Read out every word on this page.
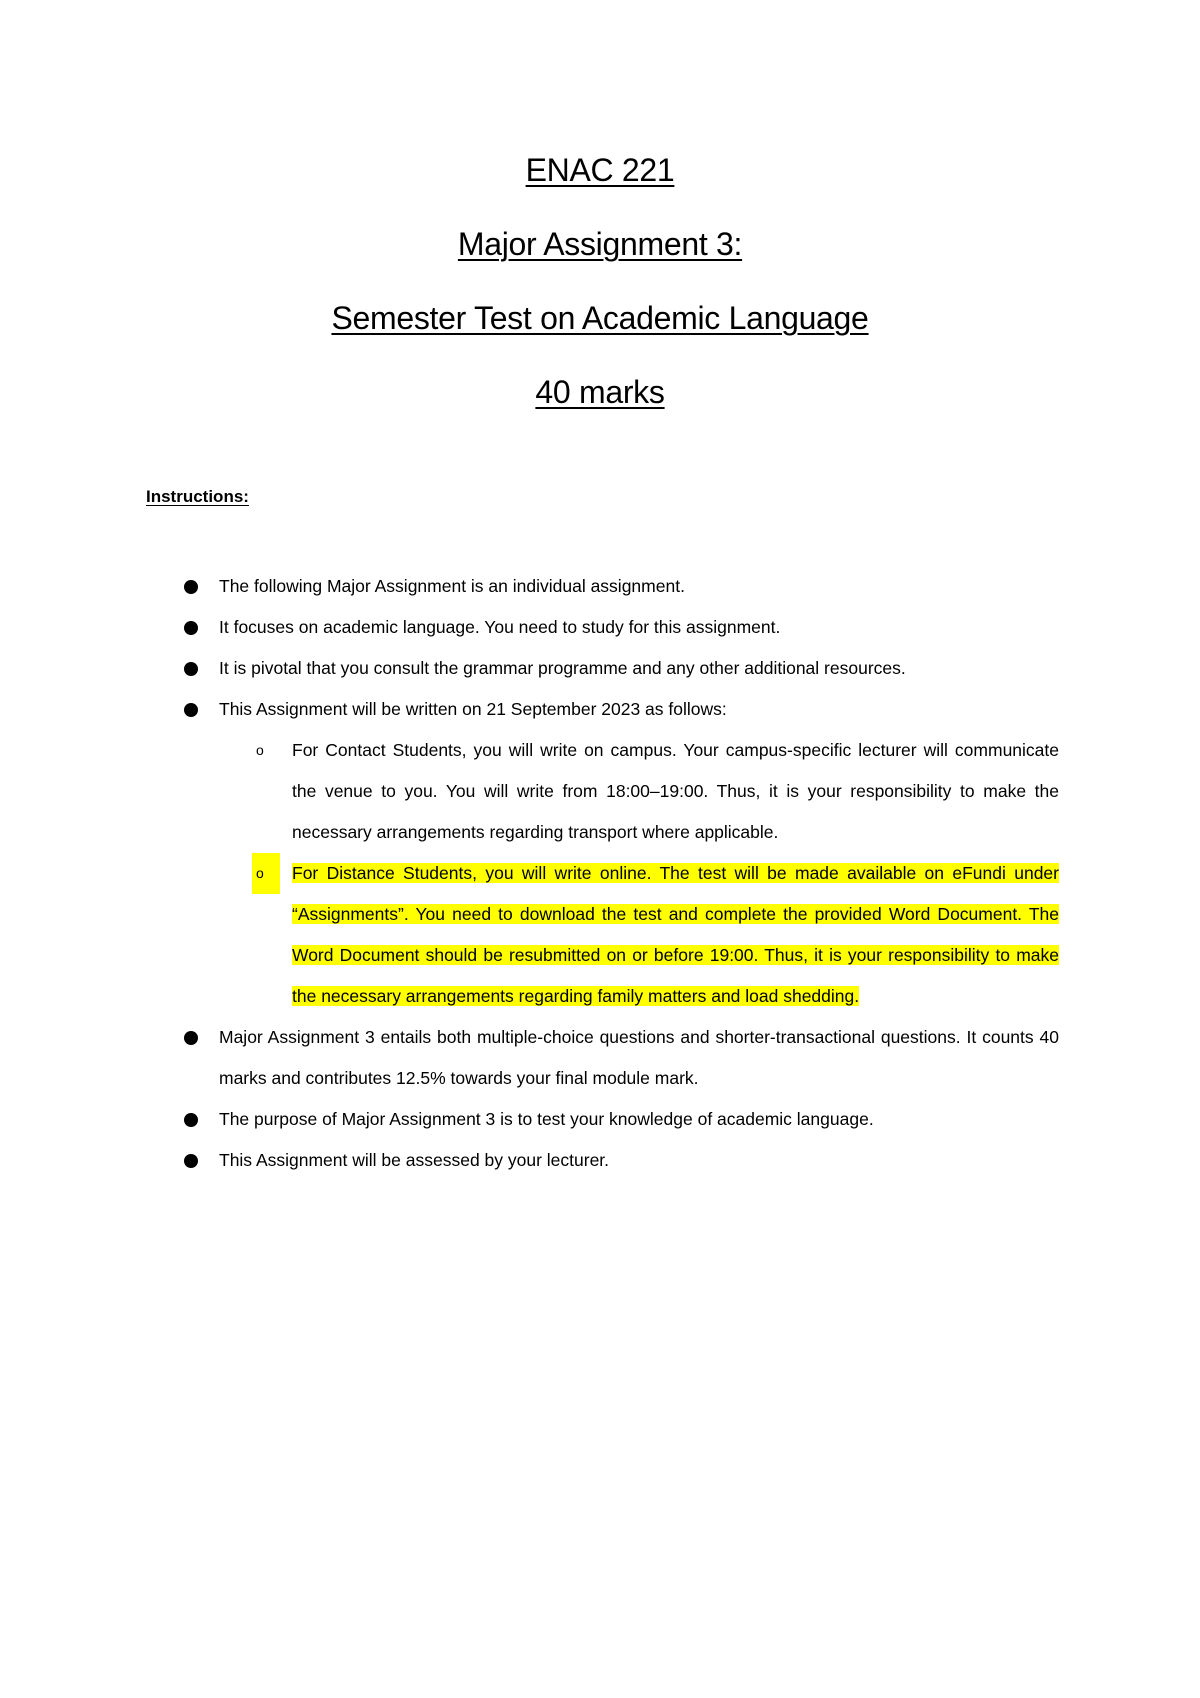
ENAC 221
Major Assignment 3:
Semester Test on Academic Language
40 marks
Instructions:
The following Major Assignment is an individual assignment.
It focuses on academic language. You need to study for this assignment.
It is pivotal that you consult the grammar programme and any other additional resources.
This Assignment will be written on 21 September 2023 as follows:
o	For Contact Students, you will write on campus. Your campus-specific lecturer will communicate the venue to you. You will write from 18:00–19:00. Thus, it is your responsibility to make the necessary arrangements regarding transport where applicable.
o	For Distance Students, you will write online. The test will be made available on eFundi under “Assignments”. You need to download the test and complete the provided Word Document. The Word Document should be resubmitted on or before 19:00. Thus, it is your responsibility to make the necessary arrangements regarding family matters and load shedding.
Major Assignment 3 entails both multiple-choice questions and shorter-transactional questions. It counts 40 marks and contributes 12.5% towards your final module mark.
The purpose of Major Assignment 3 is to test your knowledge of academic language.
This Assignment will be assessed by your lecturer.
